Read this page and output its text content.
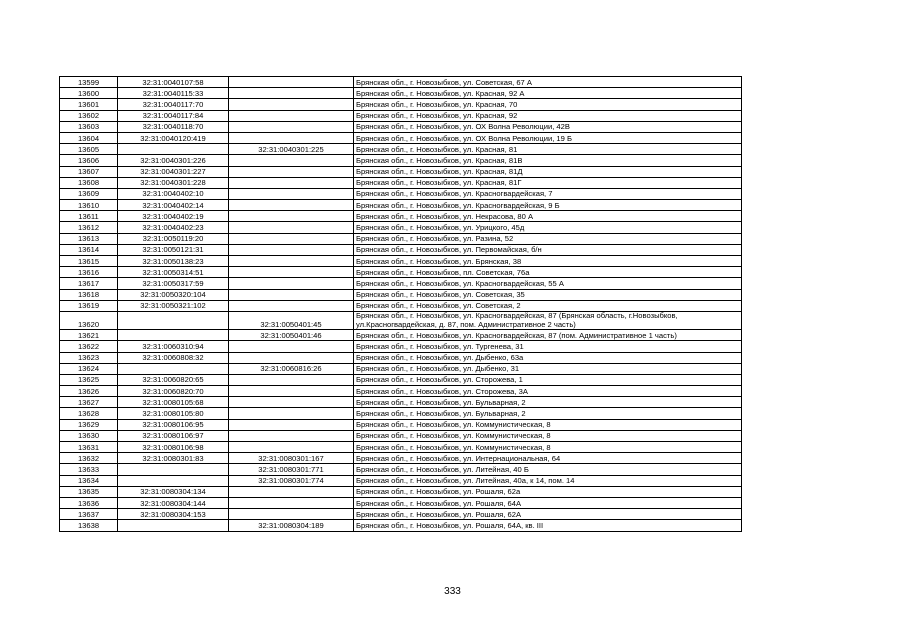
13599	32:31:0040107:58		Брянская обл., г. Новозыбков, ул. Советская, 67 А
13600	32:31:0040115:33		Брянская обл., г. Новозыбков, ул. Красная, 92 А
13601	32:31:0040117:70		Брянская обл., г. Новозыбков, ул. Красная, 70
13602	32:31:0040117:84		Брянская обл., г. Новозыбков, ул. Красная, 92
13603	32:31:0040118:70		Брянская обл., г. Новозыбков, ул. ОХ Волна Революции, 42В
13604	32:31:0040120:419		Брянская обл., г. Новозыбков, ул. ОХ Волна Революции, 19 Б
13605		32:31:0040301:225	Брянская обл., г. Новозыбков, ул. Красная, 81
13606	32:31:0040301:226		Брянская обл., г. Новозыбков, ул. Красная, 81В
13607	32:31:0040301:227		Брянская обл., г. Новозыбков, ул. Красная, 81Д
13608	32:31:0040301:228		Брянская обл., г. Новозыбков, ул. Красная, 81Г
13609	32:31:0040402:10		Брянская обл., г. Новозыбков, ул. Красногвардейская, 7
13610	32:31:0040402:14		Брянская обл., г. Новозыбков, ул. Красногвардейская, 9 Б
13611	32:31:0040402:19		Брянская обл., г. Новозыбков, ул. Некрасова, 80 А
13612	32:31:0040402:23		Брянская обл., г. Новозыбков, ул. Урицкого, 45д
13613	32:31:0050119:20		Брянская обл., г. Новозыбков, ул. Разина, 52
13614	32:31:0050121:31		Брянская обл., г. Новозыбков, ул. Первомайская, б/н
13615	32:31:0050138:23		Брянская обл., г. Новозыбков, ул. Брянская, 38
13616	32:31:0050314:51		Брянская обл., г. Новозыбков, пл. Советская, 76а
13617	32:31:0050317:59		Брянская обл., г. Новозыбков, ул. Красногвардейская, 55 А
13618	32:31:0050320:104		Брянская обл., г. Новозыбков, ул. Советская, 35
13619	32:31:0050321:102		Брянская обл., г. Новозыбков, ул. Советская, 2
13620		32:31:0050401:45	Брянская обл., г. Новозыбков, ул. Красногвардейская, 87 (Брянская область, г.Новозыбков, ул.Красногвардейская, д. 87, пом. Административное 2 часть)
13621		32:31:0050401:46	Брянская обл., г. Новозыбков, ул. Красногвардейская, 87 (пом. Административное 1 часть)
13622	32:31:0060310:94		Брянская обл., г. Новозыбков, ул. Тургенева, 31
13623	32:31:0060808:32		Брянская обл., г. Новозыбков, ул. Дыбенко, 63а
13624		32:31:0060816:26	Брянская обл., г. Новозыбков, ул. Дыбенко, 31
13625	32:31:0060820:65		Брянская обл., г. Новозыбков, ул. Сторожева, 1
13626	32:31:0060820:70		Брянская обл., г. Новозыбков, ул. Сторожева, 3А
13627	32:31:0080105:68		Брянская обл., г. Новозыбков, ул. Бульварная, 2
13628	32:31:0080105:80		Брянская обл., г. Новозыбков, ул. Бульварная, 2
13629	32:31:0080106:95		Брянская обл., г. Новозыбков, ул. Коммунистическая, 8
13630	32:31:0080106:97		Брянская обл., г. Новозыбков, ул. Коммунистическая, 8
13631	32:31:0080106:98		Брянская обл., г. Новозыбков, ул. Коммунистическая, 8
13632	32:31:0080301:83	32:31:0080301:167	Брянская обл., г. Новозыбков, ул. Интернациональная, 64
13633		32:31:0080301:771	Брянская обл., г. Новозыбков, ул. Литейная, 40 Б
13634		32:31:0080301:774	Брянская обл., г. Новозыбков, ул. Литейная, 40а, к 14, пом. 14
13635	32:31:0080304:134		Брянская обл., г. Новозыбков, ул. Рошаля, 62а
13636	32:31:0080304:144		Брянская обл., г. Новозыбков, ул. Рошаля, 64А
13637	32:31:0080304:153		Брянская обл., г. Новозыбков, ул. Рошаля, 62А
13638		32:31:0080304:189	Брянская обл., г. Новозыбков, ул. Рошаля, 64А, кв. III
333
